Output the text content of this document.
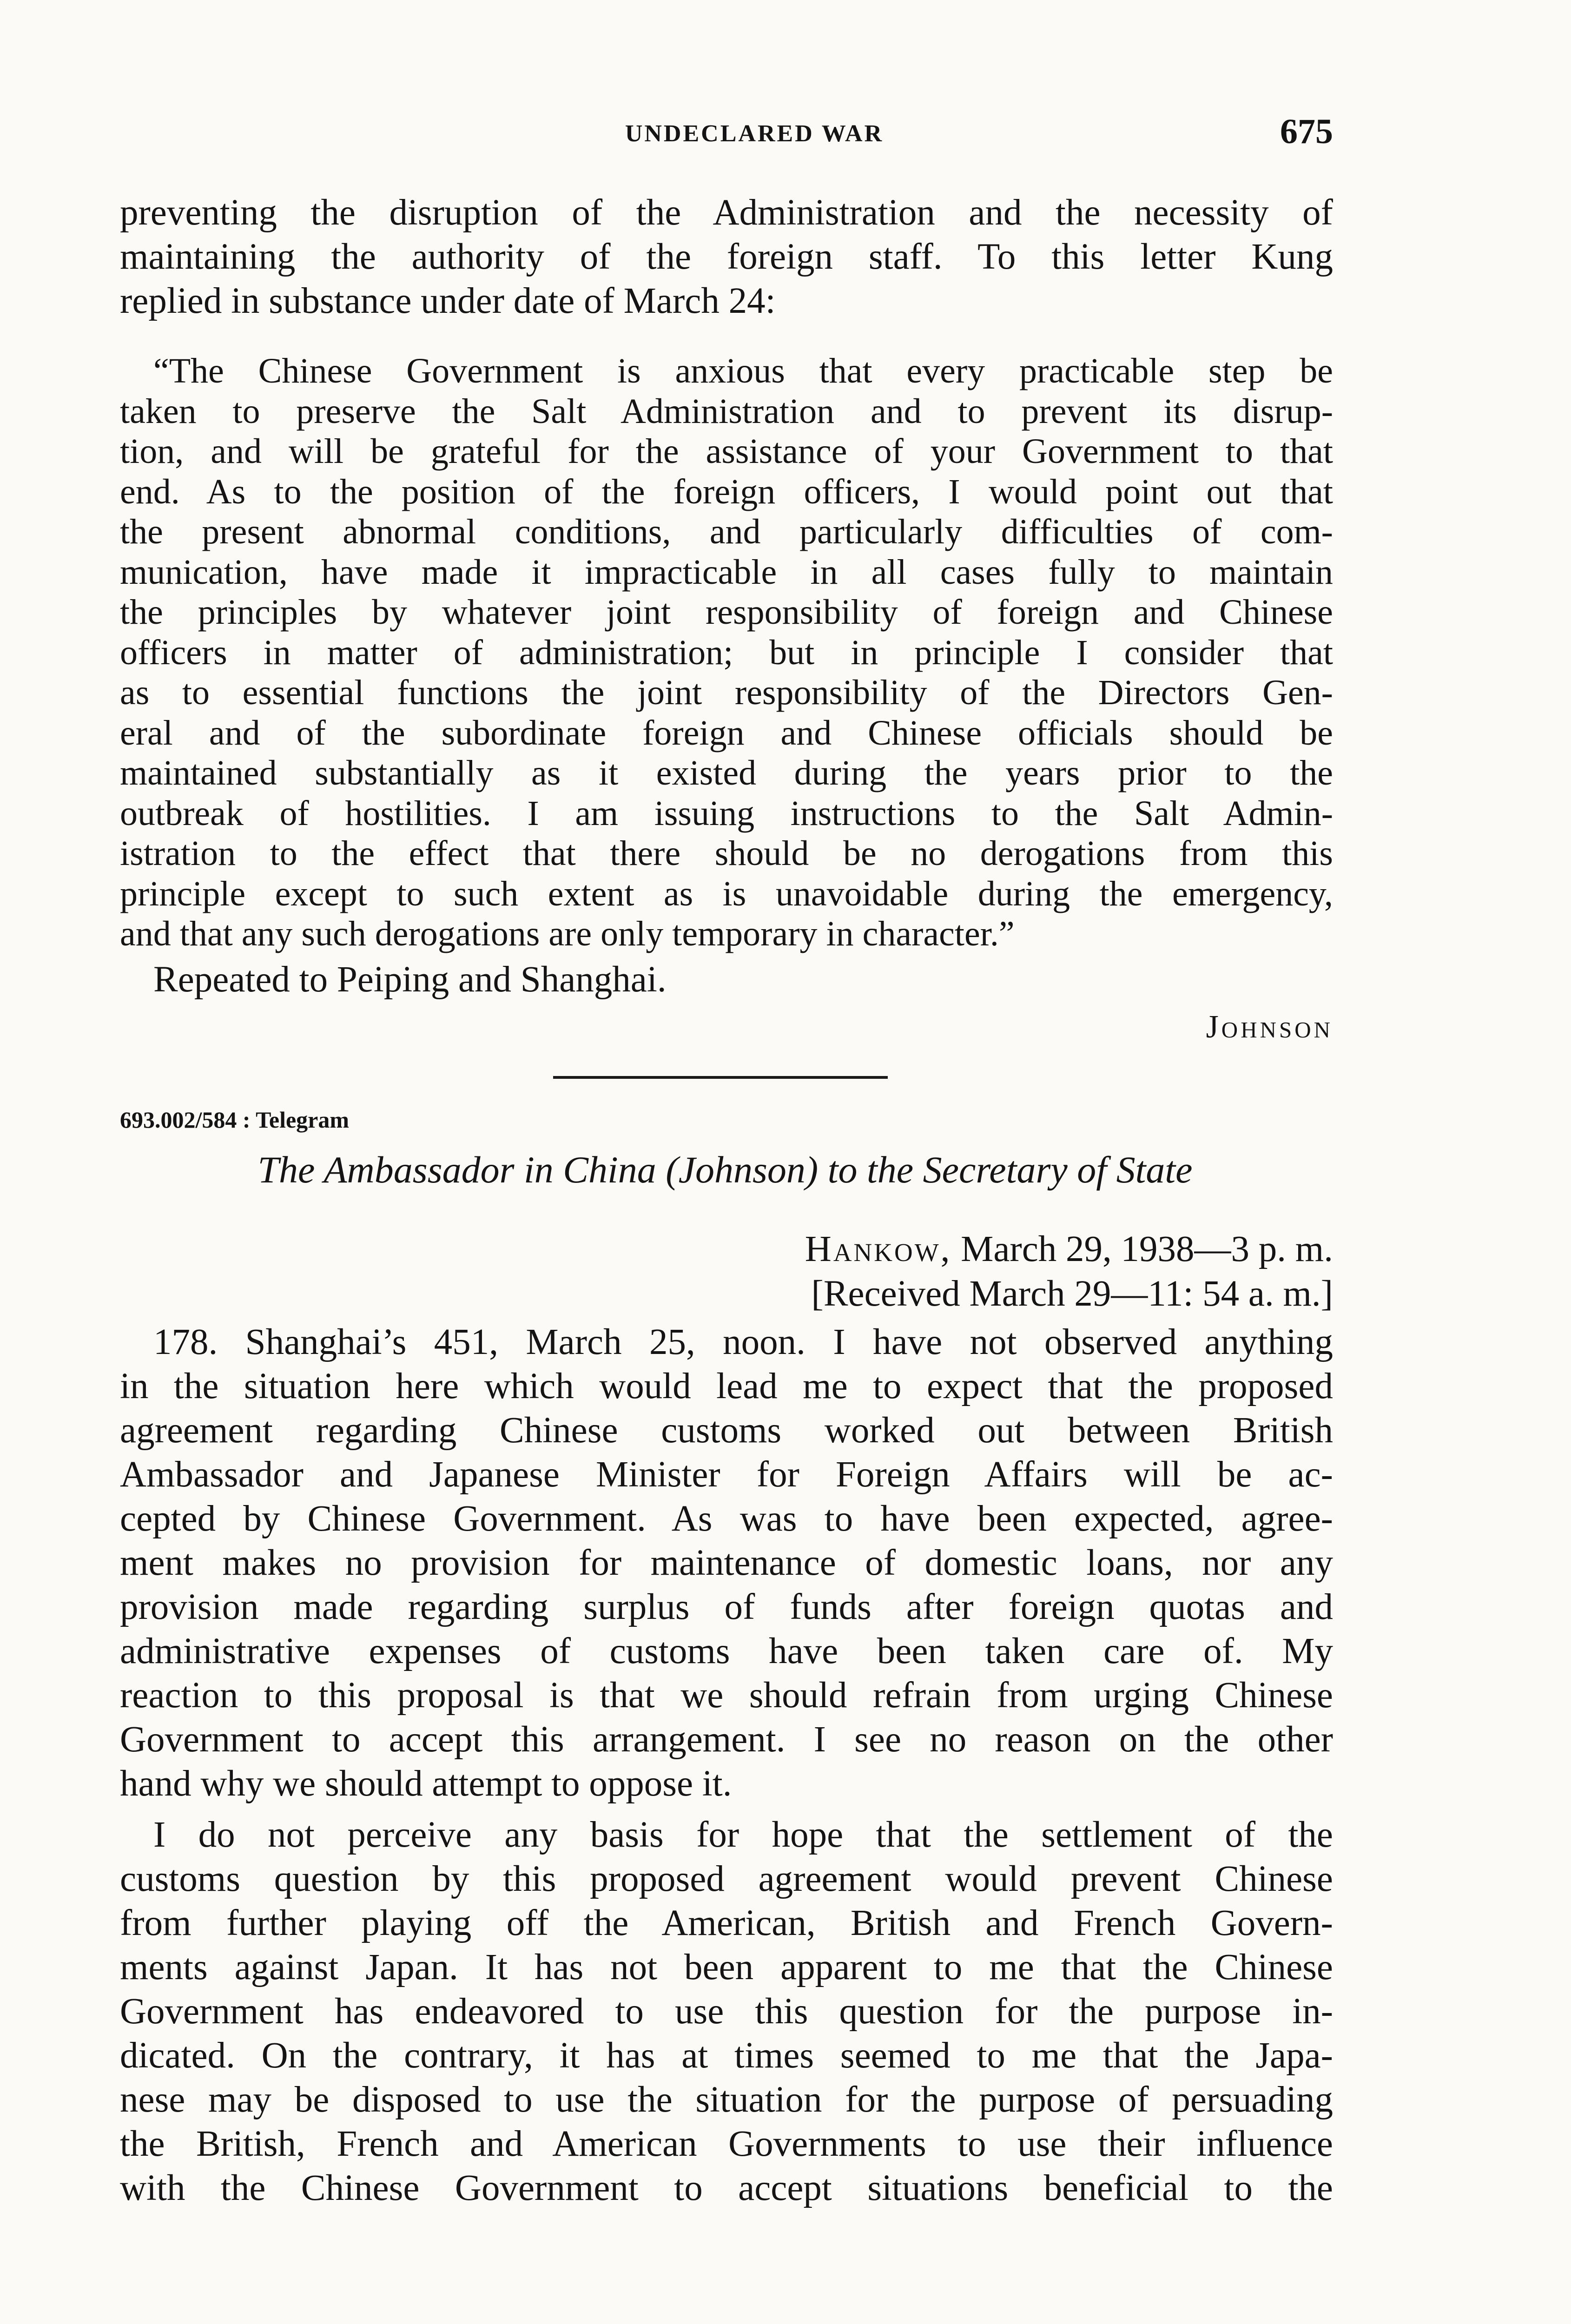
UNDECLARED WAR	675
preventing the disruption of the Administration and the necessity of
maintaining the authority of the foreign staff. To this letter Kung
replied in substance under date of March 24:
“The Chinese Government is anxious that every practicable step be
taken to preserve the Salt Administration and to prevent its disrup-
tion, and will be grateful for the assistance of your Government to that
end. As to the position of the foreign officers, I would point out that
the present abnormal conditions, and particularly difficulties of com-
munication, have made it impracticable in all cases fully to maintain
the principles by whatever joint responsibility of foreign and Chinese
officers in matter of administration; but in principle I consider that
as to essential functions the joint responsibility of the Directors Gen-
eral and of the subordinate foreign and Chinese officials should be
maintained substantially as it existed during the years prior to the
outbreak of hostilities. I am issuing instructions to the Salt Admin-
istration to the effect that there should be no derogations from this
principle except to such extent as is unavoidable during the emergency,
and that any such derogations are only temporary in character.”
Repeated to Peiping and Shanghai.
Johnson
693.002/584 : Telegram
The Ambassador in China (Johnson) to the Secretary of State
Hankow, March 29, 1938—3 p. m.
[Received March 29—11: 54 a. m.]
178. Shanghai’s 451, March 25, noon. I have not observed anything
in the situation here which would lead me to expect that the proposed
agreement regarding Chinese customs worked out between British
Ambassador and Japanese Minister for Foreign Affairs will be ac-
cepted by Chinese Government. As was to have been expected, agree-
ment makes no provision for maintenance of domestic loans, nor any
provision made regarding surplus of funds after foreign quotas and
administrative expenses of customs have been taken care of. My
reaction to this proposal is that we should refrain from urging Chinese
Government to accept this arrangement. I see no reason on the other
hand why we should attempt to oppose it.
I do not perceive any basis for hope that the settlement of the
customs question by this proposed agreement would prevent Chinese
from further playing off the American, British and French Govern-
ments against Japan. It has not been apparent to me that the Chinese
Government has endeavored to use this question for the purpose in-
dicated. On the contrary, it has at times seemed to me that the Japa-
nese may be disposed to use the situation for the purpose of persuading
the British, French and American Governments to use their influence
with the Chinese Government to accept situations beneficial to the
